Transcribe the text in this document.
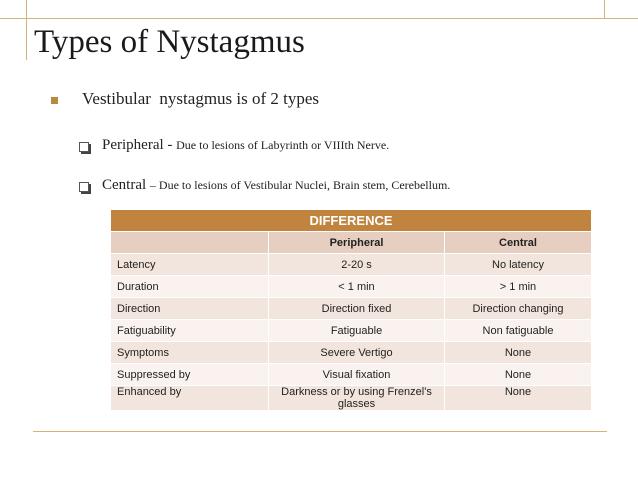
Types of Nystagmus
Vestibular  nystagmus is of 2 types
Peripheral - Due to lesions of Labyrinth or VIIIth Nerve.
Central – Due to lesions of Vestibular Nuclei, Brain stem, Cerebellum.
DIFFERENCE		
	Peripheral	Central
Latency	2-20 s	No latency
Duration	< 1 min	> 1 min
Direction	Direction fixed	Direction changing
Fatiguability	Fatiguable	Non fatiguable
Symptoms	Severe Vertigo	None
Suppressed by	Visual fixation	None
Enhanced by	Darkness or by using Frenzel's glasses	None
